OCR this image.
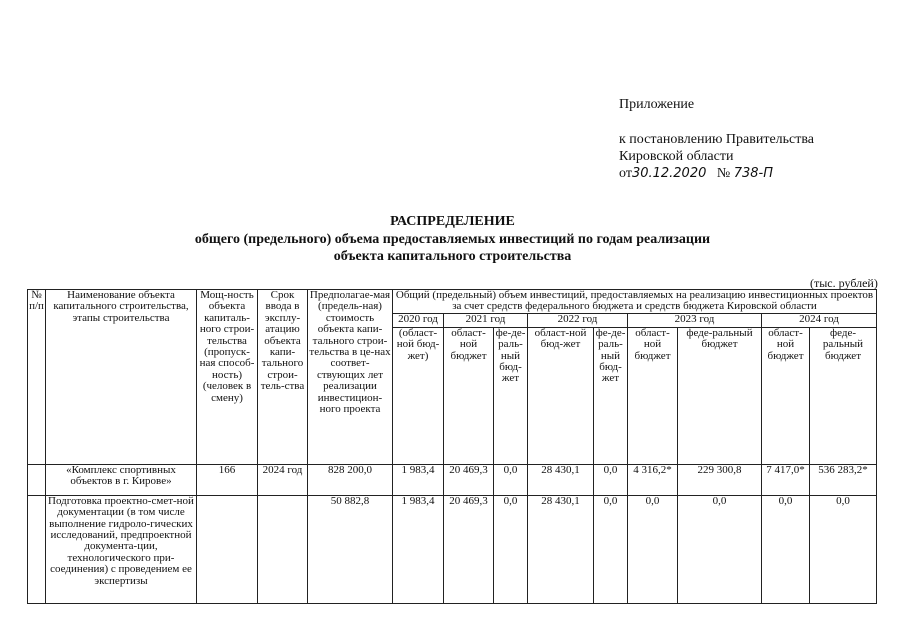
Приложение
к постановлению Правительства
Кировской области
от30.12.2020 № 738-П
РАСПРЕДЕЛЕНИЕ
общего (предельного) объема предоставляемых инвестиций по годам реализации
объекта капитального строительства
(тыс. рублей)
№ п/п	Наименование объекта капитального строительства, этапы строительства	Мощ-ность объекта капиталь-ного строи-тельства (пропуск-ная способ-ность) (человек в смену)	Срок ввода в эксплу-атацию объекта капи-тального строи-тель-ства	Предполагае-мая (предель-ная) стоимость объекта капи-тального строи-тельства в це-нах соответ-ствующих лет реализации инвестицион-ного проекта	Общий (предельный) объем инвестиций, предоставляемых на реализацию инвестиционных проектов за счет средств федерального бюджета и средств бюджета Кировской области								
					2020 год	2021 год		2022 год		2023 год		2024 год	
					(област-ной бюд-жет)	област-ной бюджет	фе-де-раль-ный бюд-жет	област-ной бюд-жет	фе-де-раль-ный бюд-жет	област-ной бюджет	феде-ральный бюджет	област-ной бюджет	феде-ральный бюджет
	«Комплекс спортивных объектов в г. Кирове»	166	2024 год	828 200,0	1 983,4	20 469,3	0,0	28 430,1	0,0	4 316,2*	229 300,8	7 417,0*	536 283,2*
	Подготовка проектно-смет-ной документации (в том числе выполнение гидроло-гических исследований, предпроектной документа-ции, технологического при-соединения) с проведением ее экспертизы			50 882,8	1 983,4	20 469,3	0,0	28 430,1	0,0	0,0	0,0	0,0	0,0
